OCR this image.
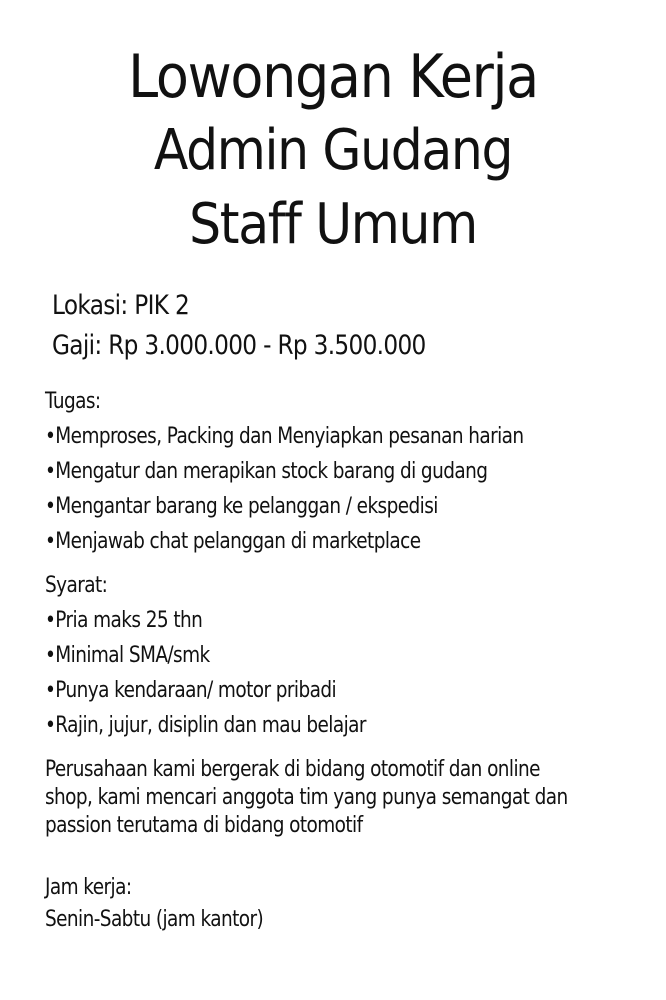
Lowongan Kerja
Admin Gudang
Staff Umum
Lokasi: PIK 2
Gaji: Rp 3.000.000 - Rp 3.500.000
Tugas:
•Memproses, Packing dan Menyiapkan pesanan harian
•Mengatur dan merapikan stock barang di gudang
•Mengantar barang ke pelanggan / ekspedisi
•Menjawab chat pelanggan di marketplace
Syarat:
•Pria maks 25 thn
•Minimal SMA/smk
•Punya kendaraan/ motor pribadi
•Rajin, jujur, disiplin dan mau belajar
Perusahaan kami bergerak di bidang otomotif dan online
shop, kami mencari anggota tim yang punya semangat dan
passion terutama di bidang otomotif
Jam kerja:
Senin-Sabtu (jam kantor)
